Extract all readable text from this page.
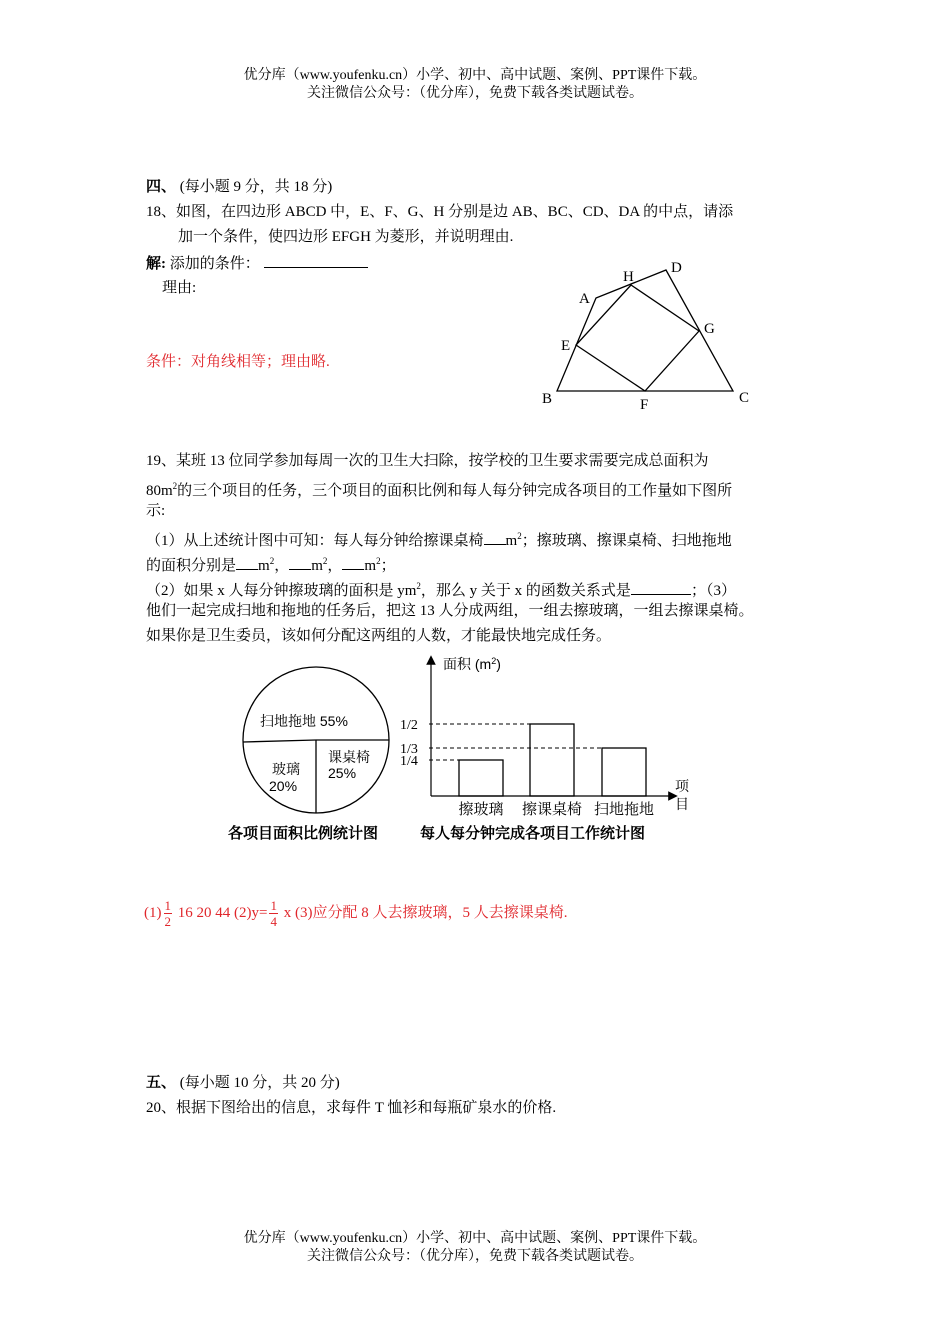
优分库（www.youfenku.cn）小学、初中、高中试题、案例、PPT课件下载。
关注微信公众号：（优分库），免费下载各类试题试卷。
四、 (每小题 9 分，共 18 分)
18、如图，在四边形 ABCD 中，E、F、G、H 分别是边 AB、BC、CD、DA 的中点，请添
加一个条件，使四边形 EFGH 为菱形，并说明理由.
解: 添加的条件：
理由:
条件：对角线相等；理由略.
A
B	C
D
E
F
G
H
19、某班 13 位同学参加每周一次的卫生大扫除，按学校的卫生要求需要完成总面积为
$80m^2$的三个项目的任务，三个项目的面积比例和每人每分钟完成各项目的工作量如下图所
示:
（1）从上述统计图中可知：每人每分钟给擦课桌椅 $m^2$；擦玻璃、擦课桌椅、扫地拖地
的面积分别是 $m^2$， $m^2$， $m^2$；
（2）如果 x 人每分钟擦玻璃的面积是 $ym^2$，那么 y 关于 x 的函数关系式是	；（3）
他们一起完成扫地和拖地的任务后，把这 13 人分成两组，一组去擦玻璃，一组去擦课桌椅。
如果你是卫生委员，该如何分配这两组的人数，才能最快地完成任务。
扫地拖地 55%
课桌椅
25%
玻璃
20%
面积 $(m^2)$
项
目
1/4
1/3
1/2
擦玻璃 擦课桌椅 扫地拖地
各项目面积比例统计图	每人每分钟完成各项目工作统计图
$(1) \frac{1}{2} 16$ 20 44 $(2)y= \frac{1}{4}$ x (3)应分配 8 人去擦玻璃，5 人去擦课桌椅.
五、 (每小题 10 分，共 20 分)
20、根据下图给出的信息，求每件 T 恤衫和每瓶矿泉水的价格.
优分库（www.youfenku.cn）小学、初中、高中试题、案例、PPT课件下载。
关注微信公众号：（优分库），免费下载各类试题试卷。
